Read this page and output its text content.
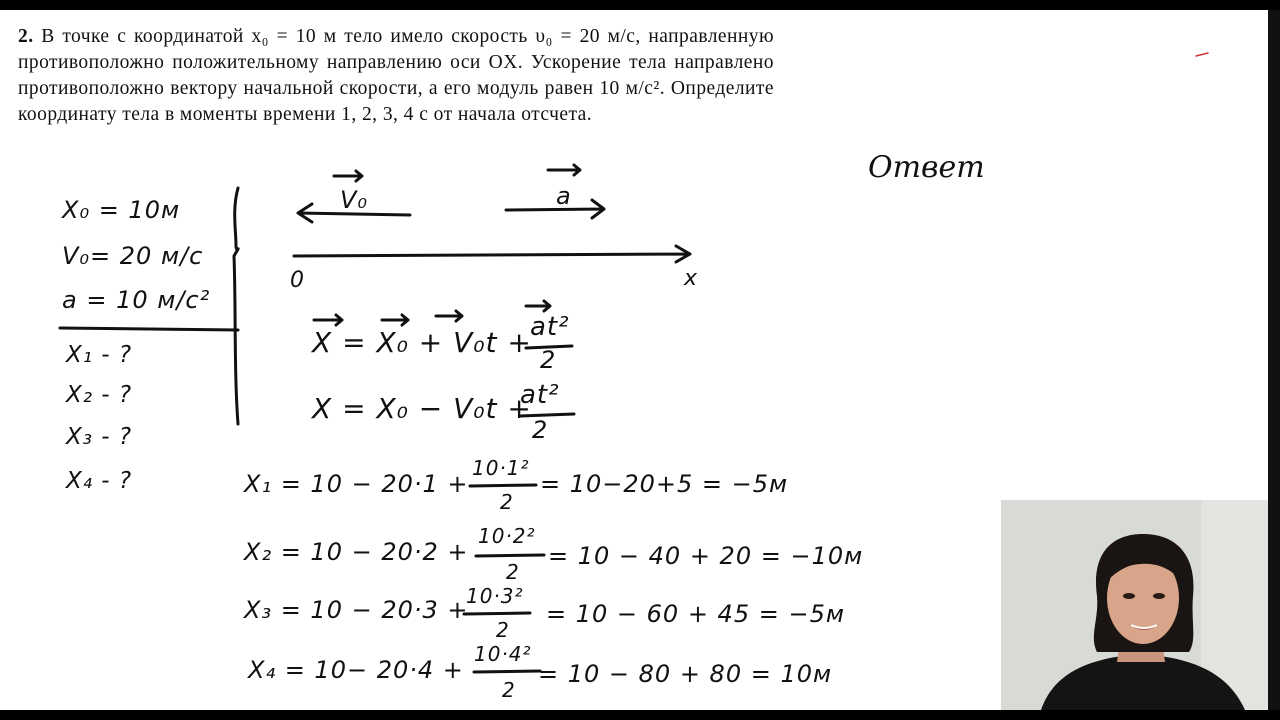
2. В точке с координатой x₀ = 10 м тело имело скорость υ₀ = 20 м/с, направленную противоположно положительному направлению оси OX. Ускорение тела направлено противоположно вектору начальной скорости, а его модуль равен 10 м/с². Определите координату тела в моменты времени 1, 2, 3, 4 с от начала отсчета.
Ответ
X₀ = 10м
V₀= 20 м/с
a = 10 м/с²
X₁ - ?
X₂ - ?
X₃ - ?
X₄ - ?
V₀	a
0	x
X = X₀ + V₀t +
at²
2
X = X₀ − V₀t +
at²
2
X₁ = 10 − 20·1 +
10·1²
2
= 10−20+5 = −5м
X₂ = 10 − 20·2 +
10·2²
2
= 10 − 40 + 20 = −10м
X₃ = 10 − 20·3 +
10·3²
2
= 10 − 60 + 45 = −5м
X₄ = 10− 20·4 +
10·4²
2
= 10 − 80 + 80 = 10м
